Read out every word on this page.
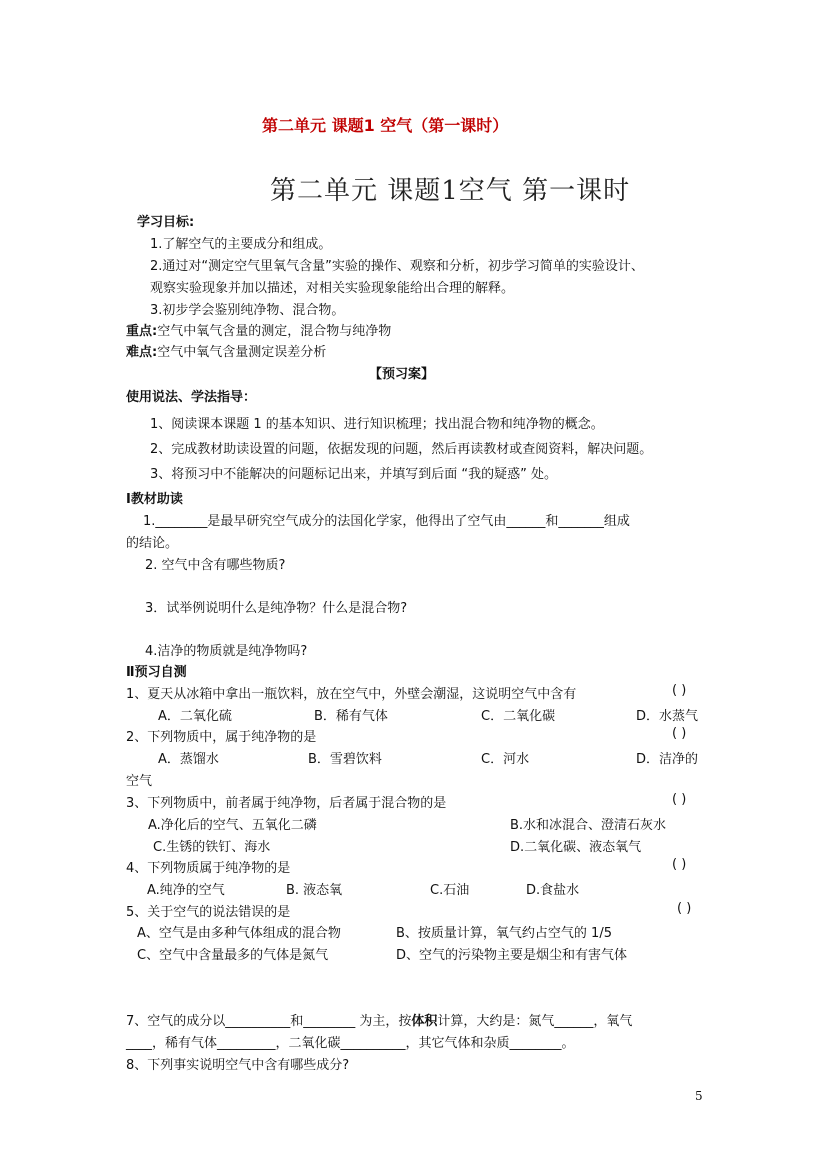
第二单元 课题1 空气（第一课时）
第二单元 课题1空气 第一课时
学习目标:
1.了解空气的主要成分和组成。
2.通过对“测定空气里氧气含量”实验的操作、观察和分析，初步学习简单的实验设计、
观察实验现象并加以描述，对相关实验现象能给出合理的解释。
3.初步学会鉴别纯净物、混合物。
重点:空气中氧气含量的测定，混合物与纯净物
难点:空气中氧气含量测定误差分析
【预习案】
使用说法、学法指导：
1、阅读课本课题 1 的基本知识、进行知识梳理；找出混合物和纯净物的概念。
2、完成教材助读设置的问题，依据发现的问题，然后再读教材或查阅资料，解决问题。
3、将预习中不能解决的问题标记出来，并填写到后面 “我的疑惑” 处。
Ⅰ教材助读
1.________是最早研究空气成分的法国化学家，他得出了空气由______和_______组成
的结论。
2. 空气中含有哪些物质?
3．试举例说明什么是纯净物？什么是混合物?
4.洁净的物质就是纯净物吗?
Ⅱ预习自测
1、夏天从冰箱中拿出一瓶饮料，放在空气中，外壁会潮湿，这说明空气中含有	( )
A．二氧化硫	B．稀有气体	C．二氧化碳	D．水蒸气
2、下列物质中，属于纯净物的是	( )
A．蒸馏水	B．雪碧饮料	C．河水	D．洁净的
空气
3、下列物质中，前者属于纯净物，后者属于混合物的是	( )
A.净化后的空气、五氧化二磷	B.水和冰混合、澄清石灰水
C.生锈的铁钉、海水	D.二氧化碳、液态氧气
4、下列物质属于纯净物的是	( )
A.纯净的空气	B. 液态氧	C.石油	D.食盐水
5、关于空气的说法错误的是	( )
A、空气是由多种气体组成的混合物	B、按质量计算，氧气约占空气的 1/5
C、空气中含量最多的气体是氮气	D、空气的污染物主要是烟尘和有害气体
7、空气的成分以__________和________ 为主，按体积计算，大约是：氮气______，氧气
____，稀有气体_________，二氧化碳__________，其它气体和杂质________。
8、下列事实说明空气中含有哪些成分?
5
